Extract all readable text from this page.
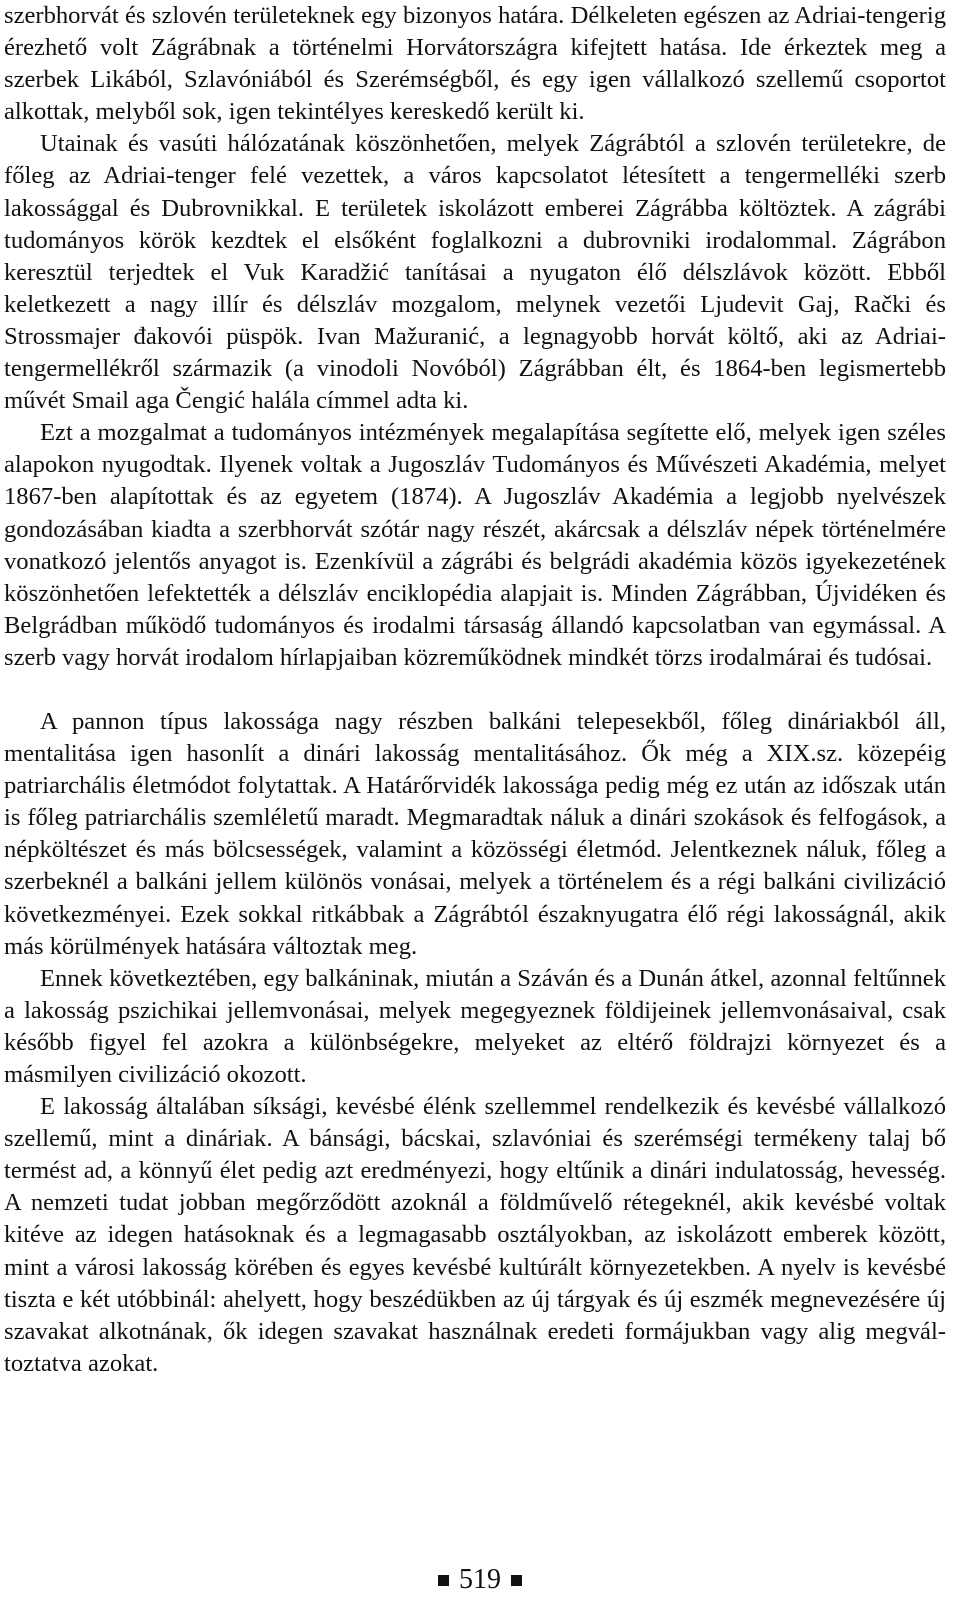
szerbhorvát és szlovén területeknek egy bizonyos határa. Délkeleten egészen az Adriai-tengerig érezhető volt Zágrábnak a történelmi Horvátországra kifejtett hatása. Ide érkeztek meg a szerbek Likából, Szlavóniából és Szerémségből, és egy igen vállalkozó szellemű csoportot alkottak, melyből sok, igen tekintélyes kereskedő került ki.

Utainak és vasúti hálózatának köszönhetően, melyek Zágrábtól a szlovén területekre, de főleg az Adriai-tenger felé vezettek, a város kapcsolatot létesített a tengermelléki szerb lakossággal és Dubrovnikkal. E területek iskolázott emberei Zágrábba költöztek. A zágrábi tudományos körök kezdtek el elsőként foglalkozni a dubrovniki irodalommal. Zágrábon keresztül terjedtek el Vuk Karadžić tanításai a nyugaton élő délszlávok között. Ebből keletkezett a nagy illír és délszláv mozgalom, melynek vezetői Ljudevit Gaj, Rački és Strossmajer đakovói püspök. Ivan Mažuranić, a legnagyobb horvát költő, aki az Adriai-tengermellékről származik (a vinodoli Novóból) Zágrábban élt, és 1864-ben legismertebb művét Smail aga Čengić halála címmel adta ki.

Ezt a mozgalmat a tudományos intézmények megalapítása segítette elő, melyek igen széles alapokon nyugodtak. Ilyenek voltak a Jugoszláv Tudományos és Művészeti Akadémia, melyet 1867-ben alapítottak és az egyetem (1874). A Jugoszláv Akadémia a legjobb nyelvészek gondozásában kiadta a szerbhorvát szótár nagy részét, akárcsak a délszláv népek történelmére vonatkozó jelentős anyagot is. Ezenkívül a zágrábi és belgrádi akadémia közös igyekezetének köszönhetően lefektették a délszláv enciklopédia alapjait is. Minden Zágrábban, Újvidéken és Belgrádban működő tudományos és irodalmi társaság állandó kapcsolatban van egymással. A szerb vagy horvát irodalom hírlapjaiban közreműködnek mindkét törzs irodalmárai és tudósai.

A pannon típus lakossága nagy részben balkáni telepesekből, főleg dináriakból áll, mentalitása igen hasonlít a dinári lakosság mentalitásához. Ők még a XIX.sz. közepéig patriarchális életmódot folytattak. A Határőrvidék lakossága pedig még ez után az időszak után is főleg patriarchális szemléletű maradt. Megmaradtak náluk a dinári szokások és felfogások, a népköltészet és más bölcsességek, valamint a közösségi életmód. Jelentkeznek náluk, főleg a szerbeknél a balkáni jellem különös vonásai, melyek a történelem és a régi balkáni civilizáció következményei. Ezek sokkal ritkábbak a Zágrábtól északnyugatra élő régi lakosságnál, akik más körülmények hatására változtak meg.

Ennek következtében, egy balkáninak, miután a Száván és a Dunán átkel, azonnal feltűnnek a lakosság pszichikai jellemvonásai, melyek megegyeznek földijeinek jellemvonásaival, csak később figyel fel azokra a különbségekre, melyeket az eltérő földrajzi környezet és a másmilyen civilizáció okozott.

E lakosság általában síksági, kevésbé élénk szellemmel rendelkezik és kevésbé vállalkozó szellemű, mint a dináriak. A bánsági, bácskai, szlavóniai és szerémségi termékeny talaj bő termést ad, a könnyű élet pedig azt eredményezi, hogy eltűnik a dinári indulatosság, hevesség. A nemzeti tudat jobban megőrződött azoknál a földművelő rétegeknél, akik kevésbé voltak kitéve az idegen hatásoknak és a legmagasabb osztályokban, az iskolázott emberek között, mint a városi lakosság körében és egyes kevésbé kultúrált környezetekben. A nyelv is kevésbé tiszta e két utóbbinál: ahelyett, hogy beszédükben az új tárgyak és új eszmék megnevezésére új szavakat alkotnának, ők idegen szavakat használnak eredeti formájukban vagy alig megváltoztatva azokat.

519
